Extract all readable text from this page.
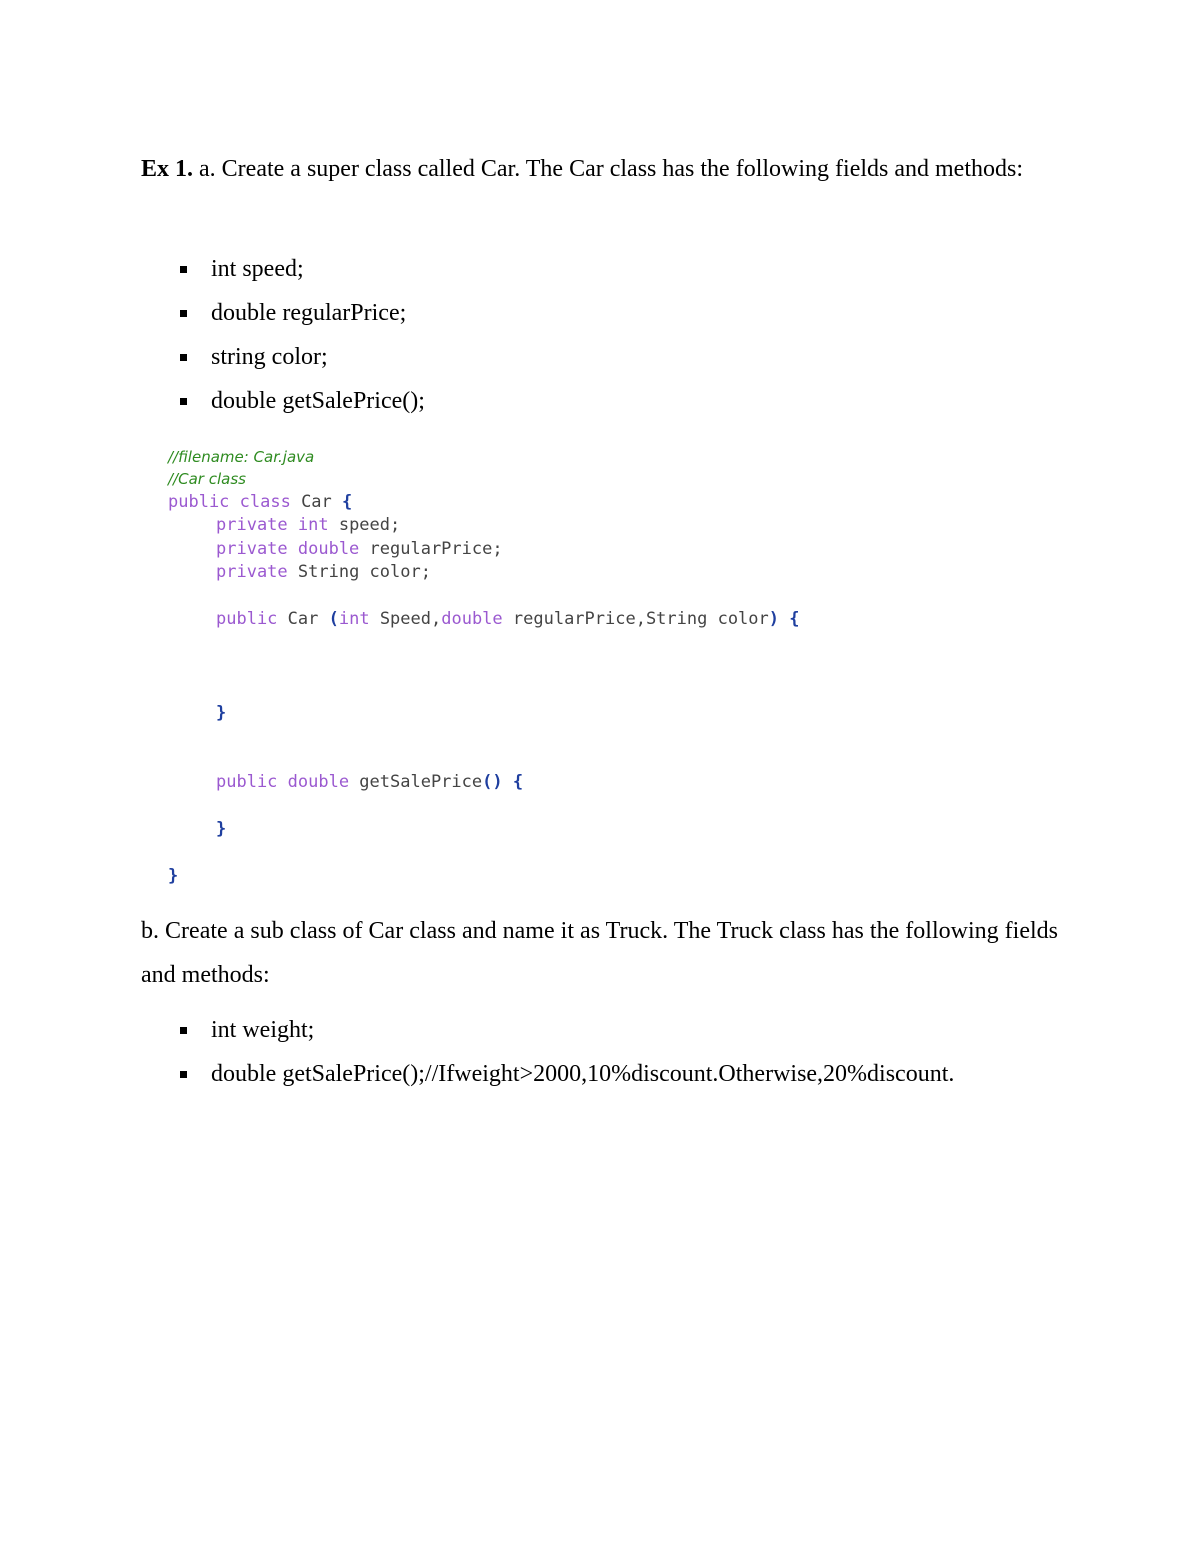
Ex 1. a. Create a super class called Car. The Car class has the following fields and methods:

int speed;
double regularPrice;
string color;
double getSalePrice();
//filename: Car.java
//Car class
public class Car {
private int speed;
private double regularPrice;
private String color;
public Car (int Speed,double regularPrice,String color) {
}
public double getSalePrice() {
}
}

b. Create a sub class of Car class and name it as Truck. The Truck class has the following fields and methods:

int weight;
double getSalePrice();//Ifweight>2000,10%discount.Otherwise,20%discount.
